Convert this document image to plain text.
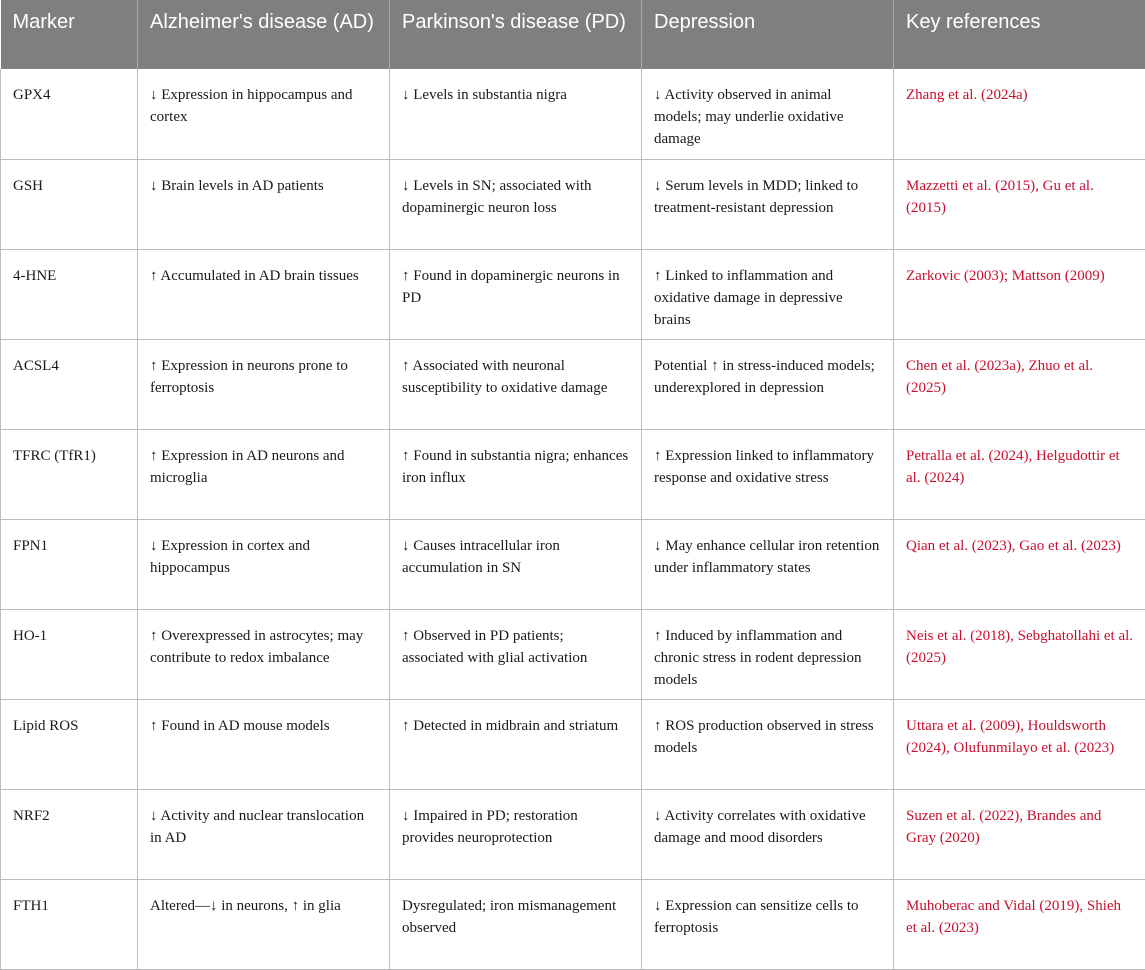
Marker	Alzheimer's disease (AD)	Parkinson's disease (PD)	Depression	Key references
GPX4	↓ Expression in hippocampus and cortex	↓ Levels in substantia nigra	↓ Activity observed in animal models; may underlie oxidative damage	Zhang et al. (2024a)
GSH	↓ Brain levels in AD patients	↓ Levels in SN; associated with dopaminergic neuron loss	↓ Serum levels in MDD; linked to treatment-resistant depression	Mazzetti et al. (2015), Gu et al. (2015)
4-HNE	↑ Accumulated in AD brain tissues	↑ Found in dopaminergic neurons in PD	↑ Linked to inflammation and oxidative damage in depressive brains	Zarkovic (2003); Mattson (2009)
ACSL4	↑ Expression in neurons prone to ferroptosis	↑ Associated with neuronal susceptibility to oxidative damage	Potential ↑ in stress-induced models; underexplored in depression	Chen et al. (2023a), Zhuo et al. (2025)
TFRC (TfR1)	↑ Expression in AD neurons and microglia	↑ Found in substantia nigra; enhances iron influx	↑ Expression linked to inflammatory response and oxidative stress	Petralla et al. (2024), Helgudottir et al. (2024)
FPN1	↓ Expression in cortex and hippocampus	↓ Causes intracellular iron accumulation in SN	↓ May enhance cellular iron retention under inflammatory states	Qian et al. (2023), Gao et al. (2023)
HO-1	↑ Overexpressed in astrocytes; may contribute to redox imbalance	↑ Observed in PD patients; associated with glial activation	↑ Induced by inflammation and chronic stress in rodent depression models	Neis et al. (2018), Sebghatollahi et al. (2025)
Lipid ROS	↑ Found in AD mouse models	↑ Detected in midbrain and striatum	↑ ROS production observed in stress models	Uttara et al. (2009), Houldsworth (2024), Olufunmilayo et al. (2023)
NRF2	↓ Activity and nuclear translocation in AD	↓ Impaired in PD; restoration provides neuroprotection	↓ Activity correlates with oxidative damage and mood disorders	Suzen et al. (2022), Brandes and Gray (2020)
FTH1	Altered—↓ in neurons, ↑ in glia	Dysregulated; iron mismanagement observed	↓ Expression can sensitize cells to ferroptosis	Muhoberac and Vidal (2019), Shieh et al. (2023)
